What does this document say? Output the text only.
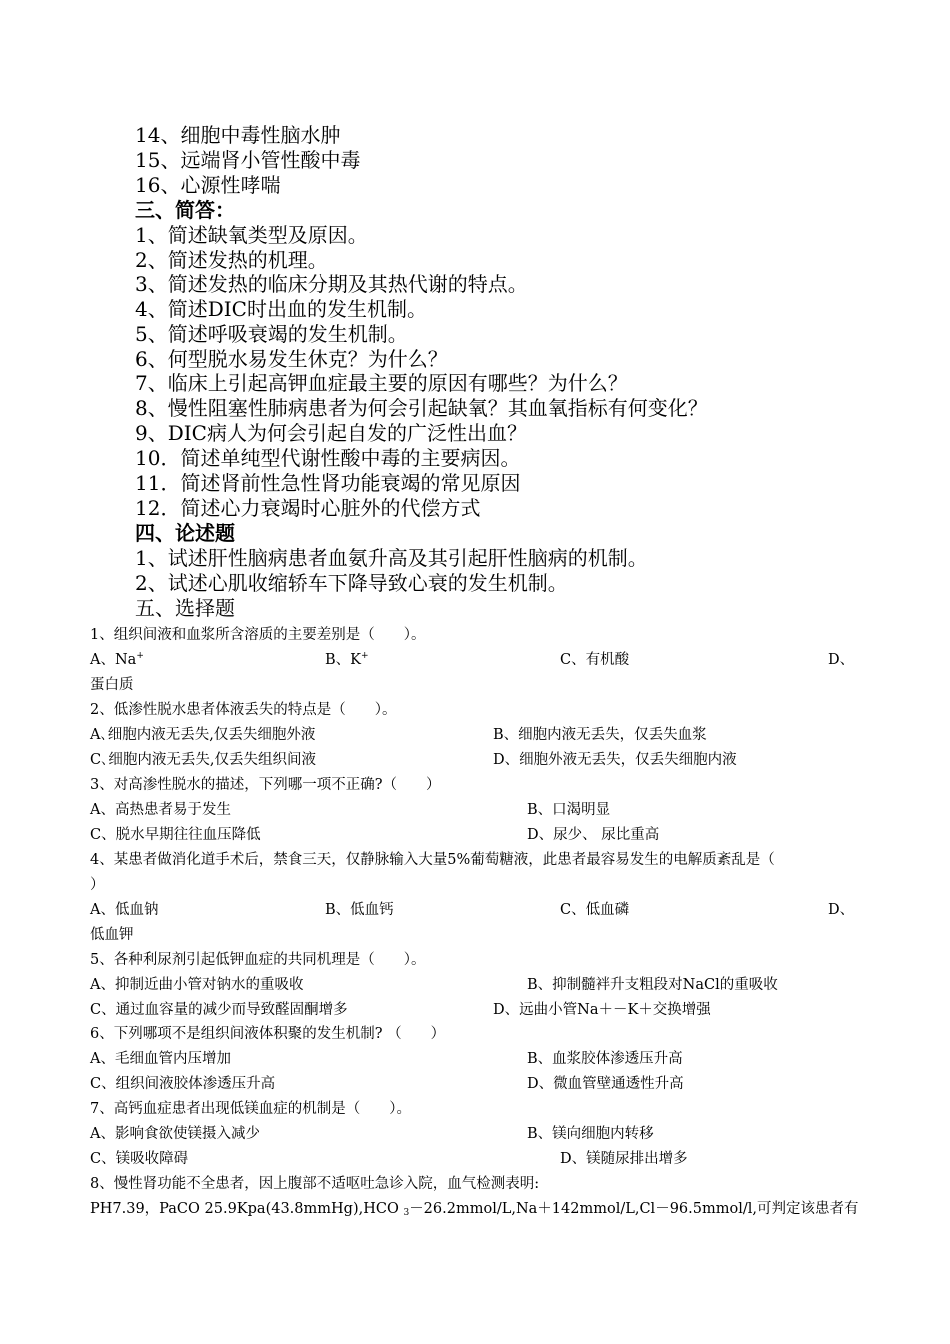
14、细胞中毒性脑水肿
15、远端肾小管性酸中毒
16、心源性哮喘
三、简答：
1、简述缺氧类型及原因。
2、简述发热的机理。
3、简述发热的临床分期及其热代谢的特点。
4、简述DIC时出血的发生机制。
5、简述呼吸衰竭的发生机制。
6、何型脱水易发生休克？为什么？
7、临床上引起高钾血症最主要的原因有哪些？为什么？
8、慢性阻塞性肺病患者为何会引起缺氧？其血氧指标有何变化？
9、DIC病人为何会引起自发的广泛性出血？
10．简述单纯型代谢性酸中毒的主要病因。
11．简述肾前性急性肾功能衰竭的常见原因
12．简述心力衰竭时心脏外的代偿方式
四、论述题
1、试述肝性脑病患者血氨升高及其引起肝性脑病的机制。
2、试述心肌收缩轿车下降导致心衰的发生机制。
五、选择题
1、组织间液和血浆所含溶质的主要差别是（　　）。
A、Na+	B、K+	C、有机酸	D、
蛋白质
2、低渗性脱水患者体液丢失的特点是（　　）。
A､细胞内液无丢失,仅丢失细胞外液	B、细胞内液无丢失，仅丢失血浆
C､细胞内液无丢失,仅丢失组织间液	D、细胞外液无丢失，仅丢失细胞内液
3、对高渗性脱水的描述，下列哪一项不正确?（　　）
A、高热患者易于发生	B、口渴明显
C、脱水早期往往血压降低	D、尿少、 尿比重高
4、某患者做消化道手术后，禁食三天，仅静脉输入大量5%葡萄糖液，此患者最容易发生的电解质紊乱是（
）
A、低血钠	B、低血钙	C、低血磷	D、
低血钾
5、各种利尿剂引起低钾血症的共同机理是（　　）。
A、抑制近曲小管对钠水的重吸收	B、抑制髓袢升支粗段对NaCl的重吸收
C、通过血容量的减少而导致醛固酮增多	D、远曲小管Na＋－K＋交换增强
6、下列哪项不是组织间液体积聚的发生机制? （　　）
A、毛细血管内压增加	B、血浆胶体渗透压升高
C、组织间液胶体渗透压升高	D、微血管壁通透性升高
7、高钙血症患者出现低镁血症的机制是（　　）。
A、影响食欲使镁摄入减少	B、镁向细胞内转移
C、镁吸收障碍	D、镁随尿排出增多
8、慢性肾功能不全患者，因上腹部不适呕吐急诊入院，血气检测表明:
PH7.39，PaCO 25.9Kpa(43.8mmHg),HCO $_3$－26.2mmol/L,Na＋142mmol/L,Cl－96.5mmol/l,可判定该患者有
